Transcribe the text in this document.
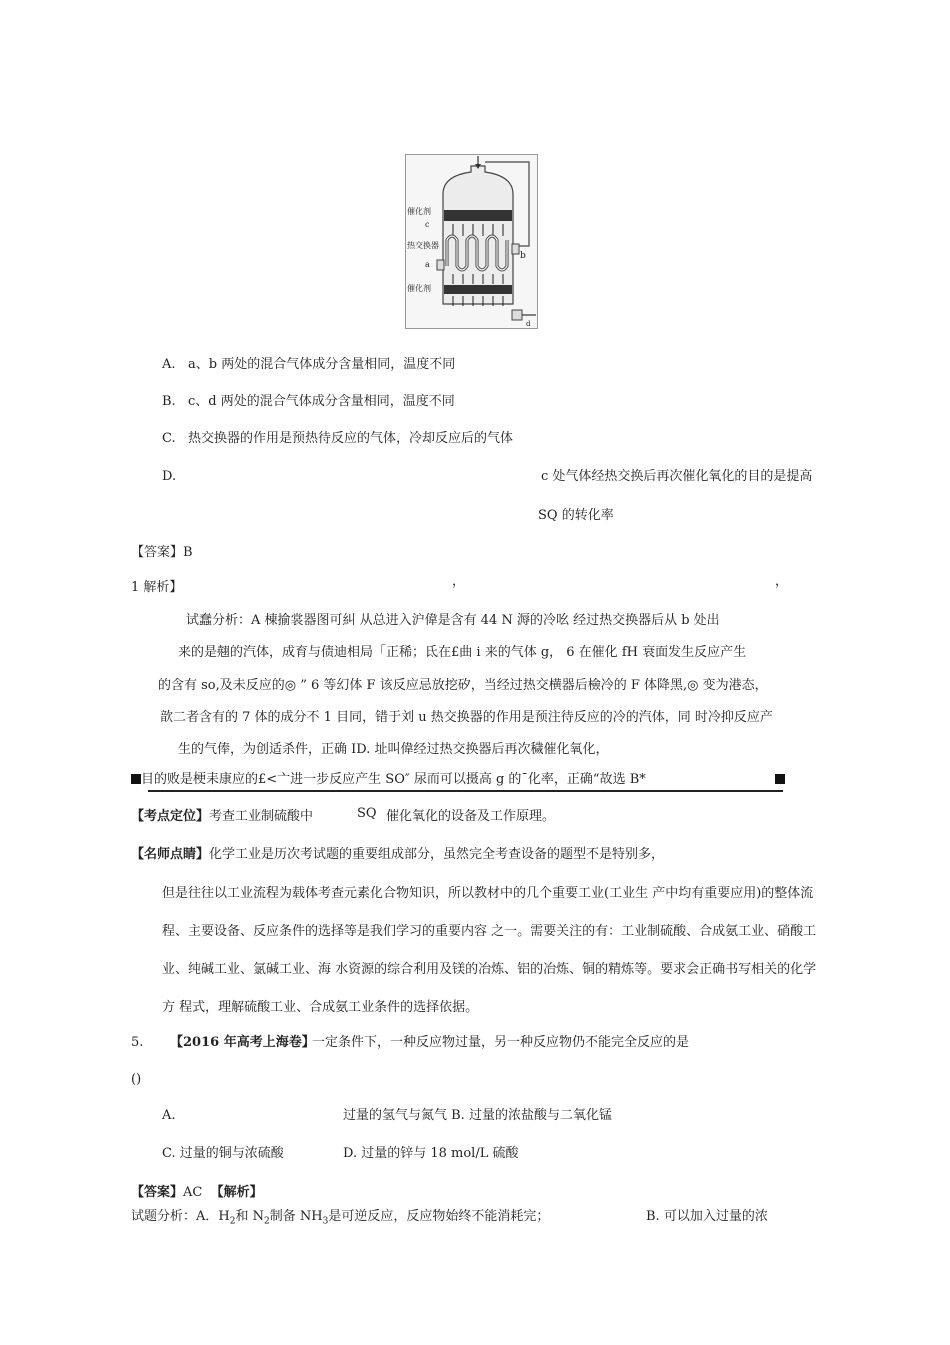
催化剂
c
热交换器
a
催化剂
b
d
A. a、b 两处的混合气体成分含量相同，温度不同
B. c、d 两处的混合气体成分含量相同，温度不同
C. 热交换器的作用是预热待反应的气体，冷却反应后的气体
D.	c 处气体经热交换后再次催化氧化的目的是提高
SQ 的转化率
【答案】B
1 解析】	，	，
试蠢分析：A 棟揄裳器图可糾 从总进入沪偉是含有 44 N 溽的冷吆 经过热交换器后从 b 处出
来的是翹的汽体，成育与债迪相局「正稀；氐在£曲 i 来的气体 g， 6 在催化 fH 衰面发生反应产生
的含有 so,及未反应的◎ ” 6 等幻体 F 该反应忌放挖矽，当经过热交横器后檢冷的 F 体降黑,◎ 变为港态，
歆二者含有的 7 体的成分不 1 目同，错于刘 u 热交换器的作用是预注待反应的冷的汽体，同 时冷抑反应产
生的气俸，为创适杀件，正确 ID. 址叫偉经过热交换器后再次穢催化氧化，
目的败是梗耒康应的£<亠进一步反应产生 SO″ 尿而可以摄高 g 的ˉ化率，正确“故选 B*
【考点定位】考查工业制硫酸中	SQ 催化氧化的设备及工作原理。
【名师点睛】化学工业是历次考试题的重要组成部分，虽然完全考查设备的题型不是特别多，
但是往往以工业流程为载体考查元素化合物知识，所以教材中的几个重要工业(工业生 产中均有重要应用)的整体流
程、主要设备、反应条件的选择等是我们学习的重要内容 之一。需要关注的有：工业制硫酸、合成氨工业、硝酸工
业、纯碱工业、氯碱工业、海 水资源的综合利用及镁的冶炼、铝的冶炼、铜的精炼等。要求会正确书写相关的化学
方 程式，理解硫酸工业、合成氨工业条件的选择依据。
5. 【2016 年高考上海卷】
一定条件下，一种反应物过量，另一种反应物仍不能完全反应的是
()
A.	过量的氢气与氮气 B. 过量的浓盐酸与二氧化锰
C. 过量的铜与浓硫酸	D. 过量的锌与 18 mol/L 硫酸
【答案】AC 【解析】
试题分析：A．$H_2$和 $N_2$制备 $NH_3$是可逆反应，反应物始终不能消耗完；	B. 可以加入过量的浓
